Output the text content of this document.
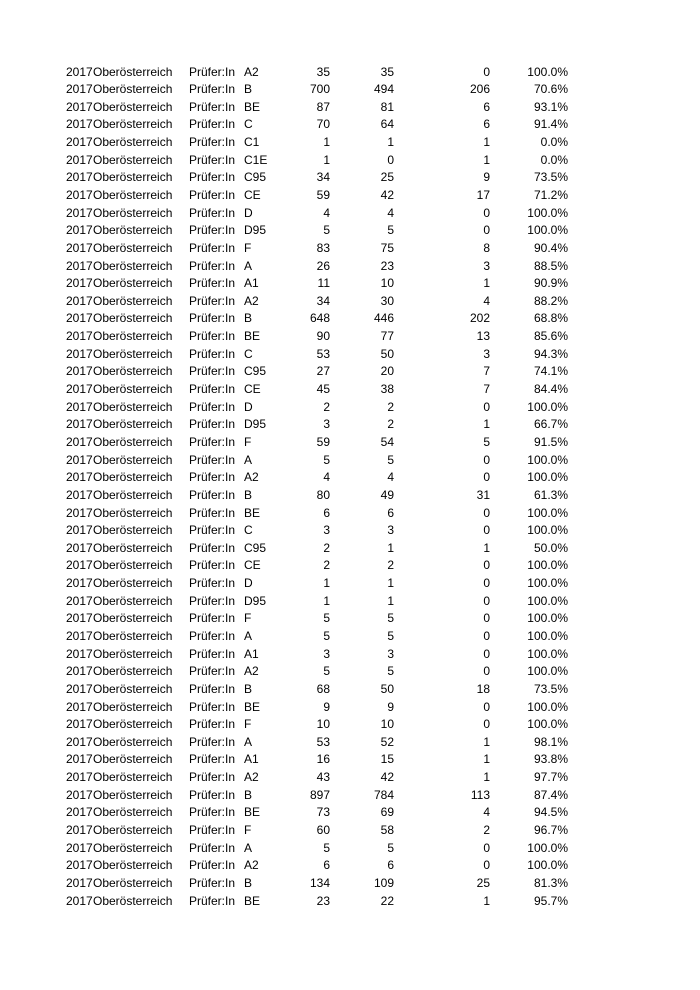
2017 Oberösterreich Prüfer:In A2	35	35	0	100.0%
2017 Oberösterreich Prüfer:In B	700	494	206	70.6%
2017 Oberösterreich Prüfer:In BE	87	81	6	93.1%
2017 Oberösterreich Prüfer:In C	70	64	6	91.4%
2017 Oberösterreich Prüfer:In C1	1	1	1	0.0%
2017 Oberösterreich Prüfer:In C1E	1	0	1	0.0%
2017 Oberösterreich Prüfer:In C95	34	25	9	73.5%
2017 Oberösterreich Prüfer:In CE	59	42	17	71.2%
2017 Oberösterreich Prüfer:In D	4	4	0	100.0%
2017 Oberösterreich Prüfer:In D95	5	5	0	100.0%
2017 Oberösterreich Prüfer:In F	83	75	8	90.4%
2017 Oberösterreich Prüfer:In A	26	23	3	88.5%
2017 Oberösterreich Prüfer:In A1	11	10	1	90.9%
2017 Oberösterreich Prüfer:In A2	34	30	4	88.2%
2017 Oberösterreich Prüfer:In B	648	446	202	68.8%
2017 Oberösterreich Prüfer:In BE	90	77	13	85.6%
2017 Oberösterreich Prüfer:In C	53	50	3	94.3%
2017 Oberösterreich Prüfer:In C95	27	20	7	74.1%
2017 Oberösterreich Prüfer:In CE	45	38	7	84.4%
2017 Oberösterreich Prüfer:In D	2	2	0	100.0%
2017 Oberösterreich Prüfer:In D95	3	2	1	66.7%
2017 Oberösterreich Prüfer:In F	59	54	5	91.5%
2017 Oberösterreich Prüfer:In A	5	5	0	100.0%
2017 Oberösterreich Prüfer:In A2	4	4	0	100.0%
2017 Oberösterreich Prüfer:In B	80	49	31	61.3%
2017 Oberösterreich Prüfer:In BE	6	6	0	100.0%
2017 Oberösterreich Prüfer:In C	3	3	0	100.0%
2017 Oberösterreich Prüfer:In C95	2	1	1	50.0%
2017 Oberösterreich Prüfer:In CE	2	2	0	100.0%
2017 Oberösterreich Prüfer:In D	1	1	0	100.0%
2017 Oberösterreich Prüfer:In D95	1	1	0	100.0%
2017 Oberösterreich Prüfer:In F	5	5	0	100.0%
2017 Oberösterreich Prüfer:In A	5	5	0	100.0%
2017 Oberösterreich Prüfer:In A1	3	3	0	100.0%
2017 Oberösterreich Prüfer:In A2	5	5	0	100.0%
2017 Oberösterreich Prüfer:In B	68	50	18	73.5%
2017 Oberösterreich Prüfer:In BE	9	9	0	100.0%
2017 Oberösterreich Prüfer:In F	10	10	0	100.0%
2017 Oberösterreich Prüfer:In A	53	52	1	98.1%
2017 Oberösterreich Prüfer:In A1	16	15	1	93.8%
2017 Oberösterreich Prüfer:In A2	43	42	1	97.7%
2017 Oberösterreich Prüfer:In B	897	784	113	87.4%
2017 Oberösterreich Prüfer:In BE	73	69	4	94.5%
2017 Oberösterreich Prüfer:In F	60	58	2	96.7%
2017 Oberösterreich Prüfer:In A	5	5	0	100.0%
2017 Oberösterreich Prüfer:In A2	6	6	0	100.0%
2017 Oberösterreich Prüfer:In B	134	109	25	81.3%
2017 Oberösterreich Prüfer:In BE	23	22	1	95.7%
